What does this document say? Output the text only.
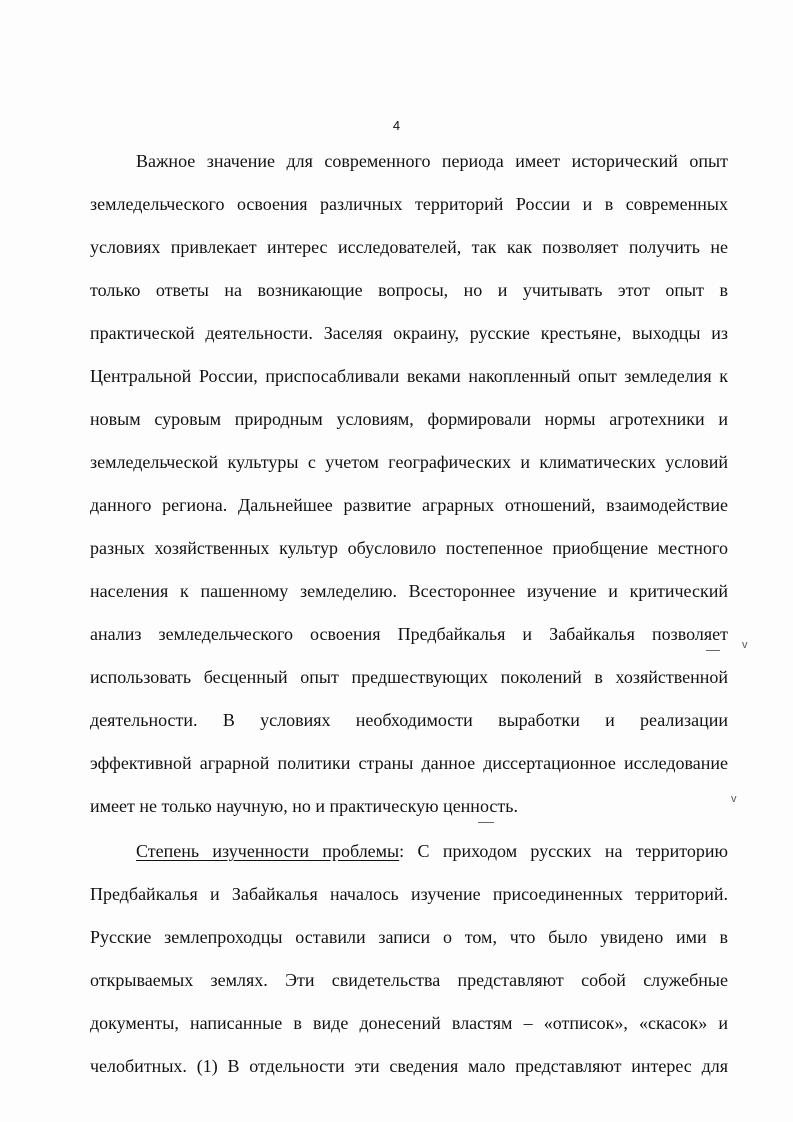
4
Важное значение для современного периода имеет исторический опыт
земледельческого освоения различных территорий России и в современных
условиях привлекает интерес исследователей, так как позволяет получить не
только ответы на возникающие вопросы, но и учитывать этот опыт в
практической деятельности. Заселяя окраину, русские крестьяне, выходцы из
Центральной России, приспосабливали веками накопленный опыт земледелия к
новым суровым природным условиям, формировали нормы агротехники и
земледельческой культуры с учетом географических и климатических условий
данного региона. Дальнейшее развитие аграрных отношений, взаимодействие
разных хозяйственных культур обусловило постепенное приобщение местного
населения к пашенному земледелию. Всестороннее изучение и критический
анализ земледельческого освоения Предбайкалья и Забайкалья позволяет
использовать бесценный опыт предшествующих поколений в хозяйственной
деятельности. В условиях необходимости выработки и реализации
эффективной аграрной политики страны данное диссертационное исследование
имеет не только научную, но и практическую ценность.
Степень изученности проблемы: С приходом русских на территорию
Предбайкалья и Забайкалья началось изучение присоединенных территорий.
Русские землепроходцы оставили записи о том, что было увидено ими в
открываемых землях. Эти свидетельства представляют собой служебные
документы, написанные в виде донесений властям – «отписок», «скасок» и
челобитных. (1) В отдельности эти сведения мало представляют интерес для
v
v
